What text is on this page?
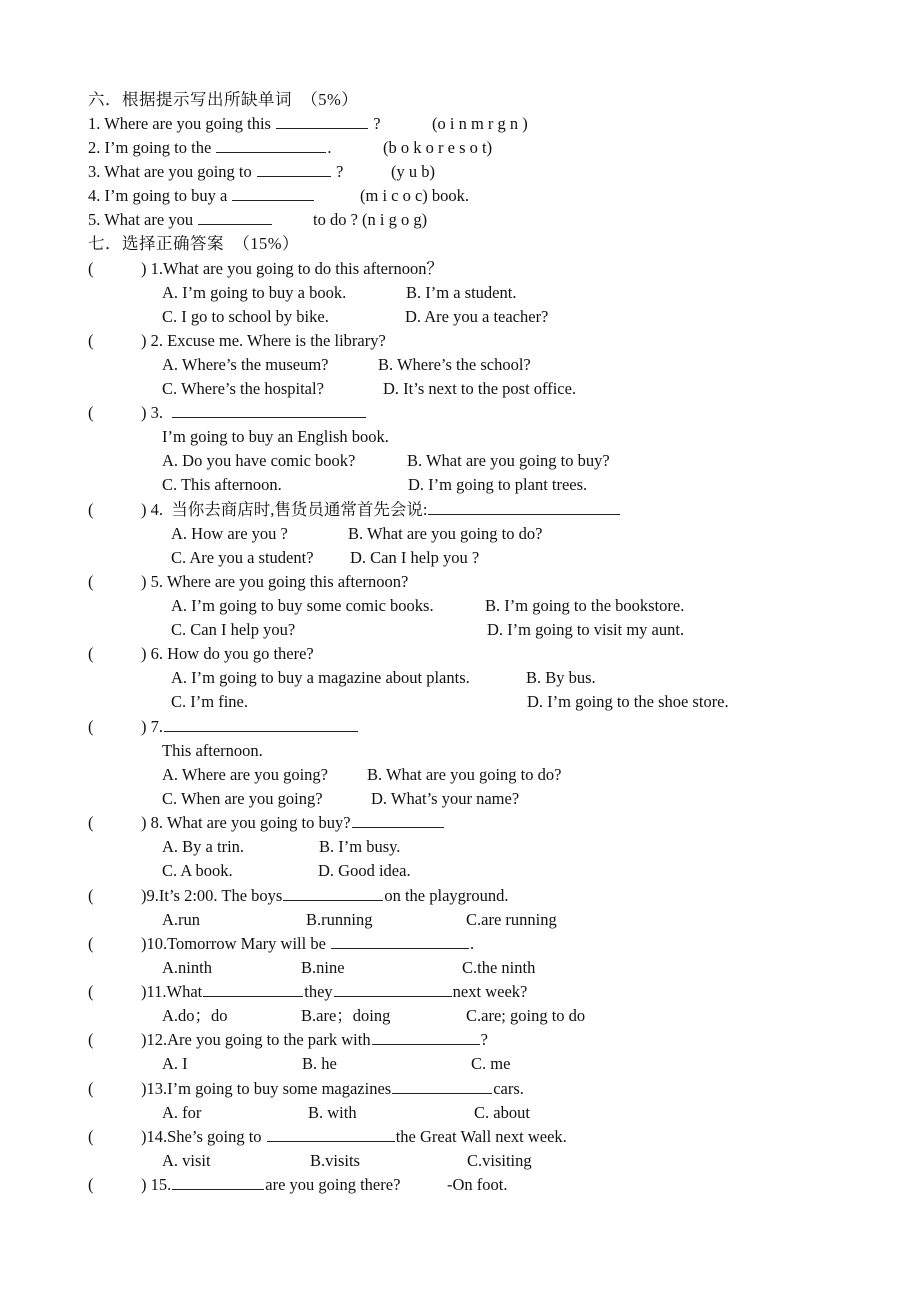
六．根据提示写出所缺单词  （5%）
1. Where are you going this	?	(o i n m r g n )
2. I’m going to the	.	(b o k o r e s o t)
3. What are you going to	?	(y u b)
4. I’m going to buy a	(m i c o c) book.
5. What are you	to do ? (n i g o g)
七．选择正确答案  （15%）
(	) 1.What are you going to do this afternoon？
A. I’m going to buy a book.	B. I’m a student.
C. I go to school by bike.	D. Are you a teacher?
(	) 2. Excuse me. Where is the library?
A. Where’s the museum?	B. Where’s the school?
C. Where’s the hospital?	D. It’s next to the post office.
(	) 3.
I’m going to buy an English book.
A. Do you have comic book?	B. What are you going to buy?
C. This afternoon.	D. I’m going to plant trees.
(	) 4. 当你去商店时,售货员通常首先会说:
A. How are you ?	B. What are you going to do?
C. Are you a student? D. Can I help you ?
(	) 5. Where are you going this afternoon?
A. I’m going to buy some comic books.	B. I’m going to the bookstore.
C. Can I help you?	D. I’m going to visit my aunt.
(	) 6. How do you go there?
A. I’m going to buy a magazine about plants.	B. By bus.
C. I’m fine.	D. I’m going to the shoe store.
(	) 7.
This afternoon.
A. Where are you going? B. What are you going to do?
C. When are you going?	D. What’s your name?
(	) 8. What are you going to buy?
A. By a trin.	B. I’m busy.
C. A book.	D. Good idea.
(	)9.It’s 2:00. The boys	on the playground.
A.run	B.running	C.are running
(	)10.Tomorrow Mary will be	.
A.ninth	B.nine	C.the ninth
(	)11.What	they	next week?
A.do；do	B.are；doing	C.are; going to do
(	)12.Are you going to the park with	?
A. I	B. he	C. me
(	)13.I’m going to buy some magazines	cars.
A. for	B. with	C. about
(	)14.She’s going to	the Great Wall next week.
A. visit	B.visits	C.visiting
(	) 15.	are you going there?	-On foot.
